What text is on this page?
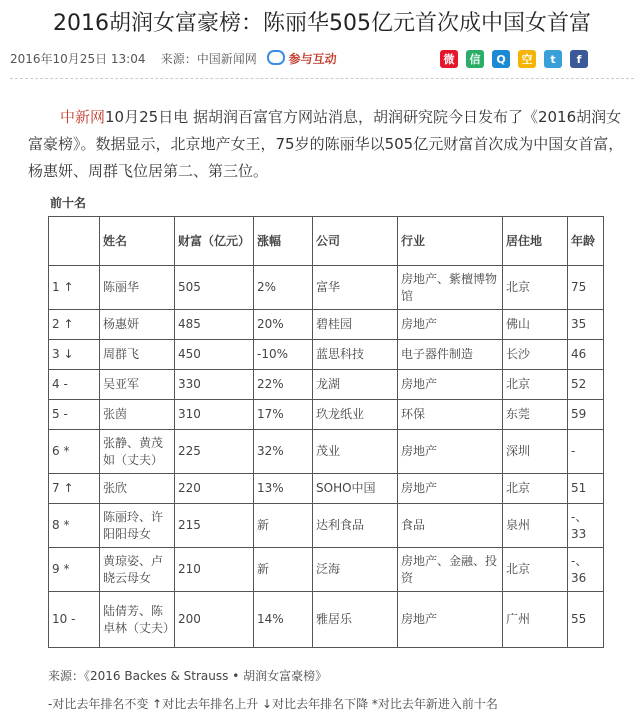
2016胡润女富豪榜：陈丽华505亿元首次成中国女首富
2016年10月25日 13:04 来源：中国新闻网	参与互动	微	信	Q	空	t	f
中新网10月25日电 据胡润百富官方网站消息，胡润研究院今日发布了《2016胡润女富豪榜》。数据显示，北京地产女王，75岁的陈丽华以505亿元财富首次成为中国女首富，杨惠妍、周群飞位居第二、第三位。
前十名
	姓名	财富（亿元）	涨幅	公司	行业	居住地	年龄
1 ↑	陈丽华	505	2%	富华	房地产、紫檀博物馆	北京	75
2 ↑	杨惠妍	485	20%	碧桂园	房地产	佛山	35
3 ↓	周群飞	450	-10%	蓝思科技	电子器件制造	长沙	46
4 -	吴亚军	330	22%	龙湖	房地产	北京	52
5 -	张茵	310	17%	玖龙纸业	环保	东莞	59
6 *	张静、黄茂如（丈夫）	225	32%	茂业	房地产	深圳	-
7 ↑	张欣	220	13%	SOHO中国	房地产	北京	51
8 *	陈丽玲、许阳阳母女	215	新	达利食品	食品	泉州	-、33
9 *	黄琼姿、卢晓云母女	210	新	泛海	房地产、金融、投资	北京	-、36
10 -	陆倩芳、陈卓林（丈夫）	200	14%	雅居乐	房地产	广州	55
来源：《2016 Backes & Strauss • 胡润女富豪榜》
-对比去年排名不变 ↑对比去年排名上升 ↓对比去年排名下降 *对比去年新进入前十名
